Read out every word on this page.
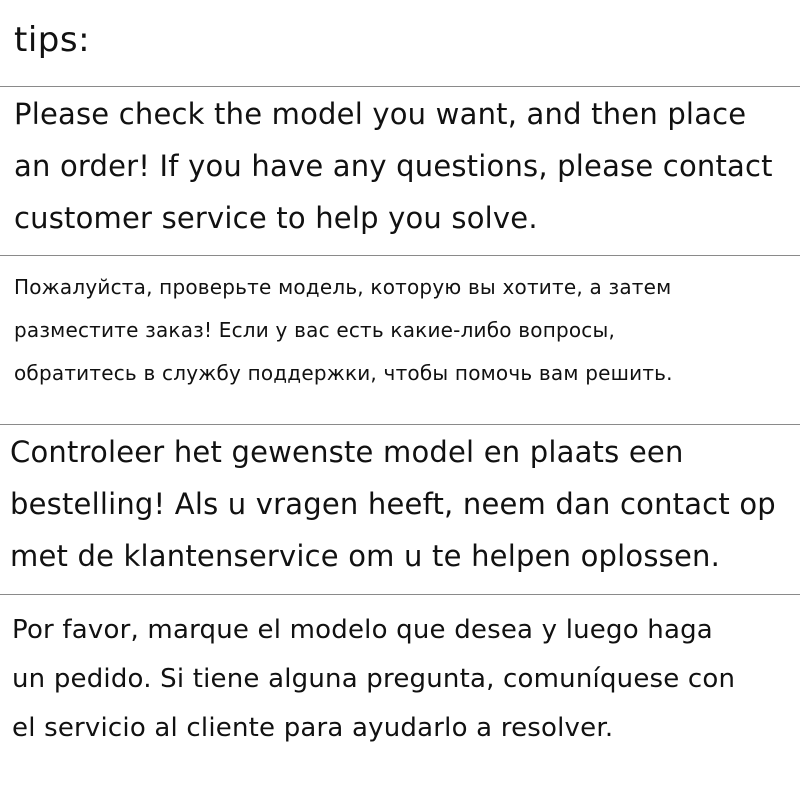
tips:
Please check the model you want, and then place
an order! If you have any questions, please contact
customer service to help you solve.
Пожалуйста, проверьте модель, которую вы хотите, а затем
разместите заказ! Если у вас есть какие-либо вопросы,
обратитесь в службу поддержки, чтобы помочь вам решить.
Controleer het gewenste model en plaats een
bestelling! Als u vragen heeft, neem dan contact op
met de klantenservice om u te helpen oplossen.
Por favor, marque el modelo que desea y luego haga
un pedido. Si tiene alguna pregunta, comuníquese con
el servicio al cliente para ayudarlo a resolver.
